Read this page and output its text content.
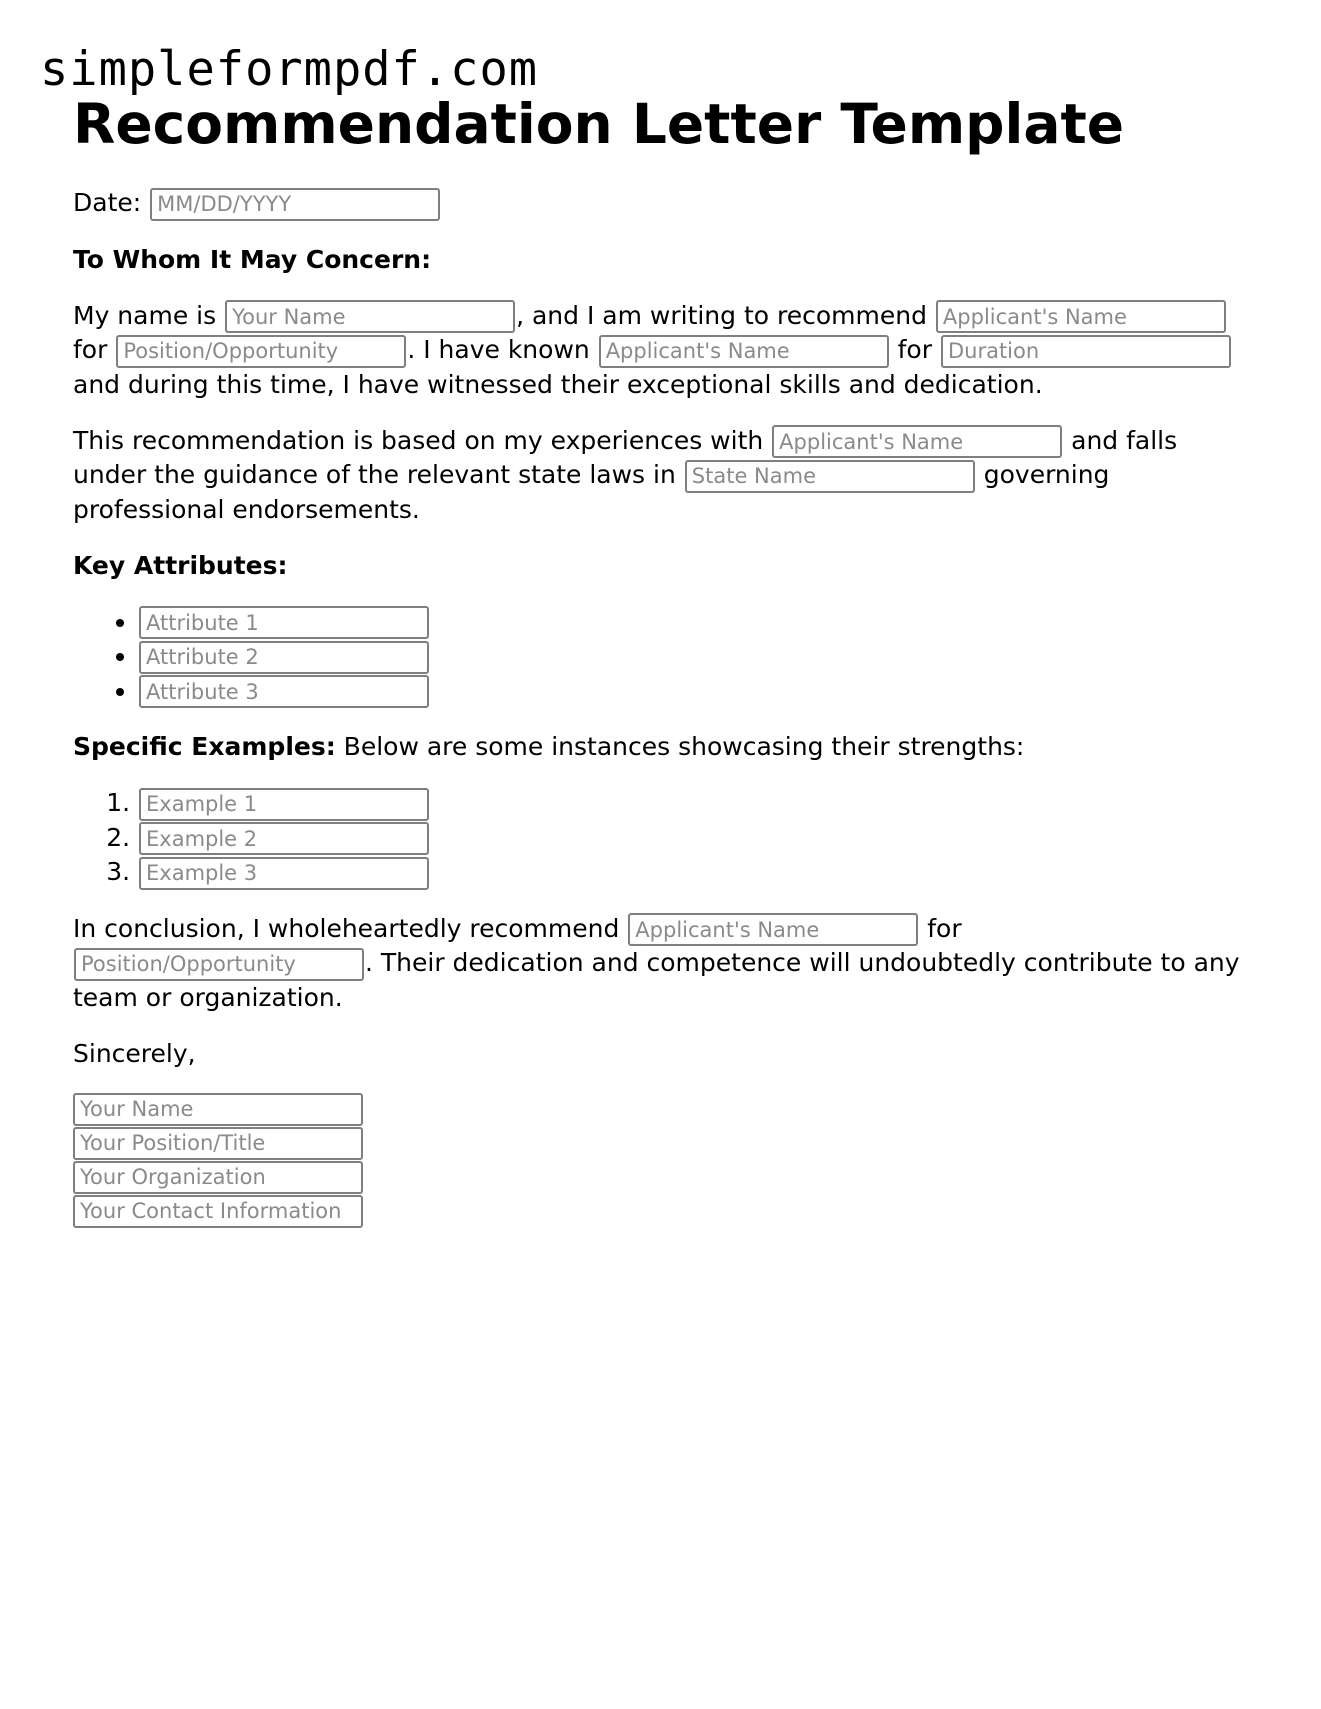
simpleformpdf.com
Recommendation Letter Template

Date: MM/DD/YYYY

To Whom It May Concern:

My name is Your Name	, and I am writing to recommend Applicant's Name for Position/Opportunity	. I have known Applicant's Name	for Duration and during this time, I have witnessed their exceptional skills and dedication.

This recommendation is based on my experiences with Applicant's Name	and falls under the guidance of the relevant state laws in State Name	governing professional endorsements.

Key Attributes:

• Attribute 1
• Attribute 2
• Attribute 3

Specific Examples: Below are some instances showcasing their strengths:

1. Example 1
2. Example 2
3. Example 3

In conclusion, I wholeheartedly recommend Applicant's Name	for Position/Opportunity. Their dedication and competence will undoubtedly contribute to any team or organization.

Sincerely,

Your Name
Your Position/Title
Your Organization
Your Contact Information
